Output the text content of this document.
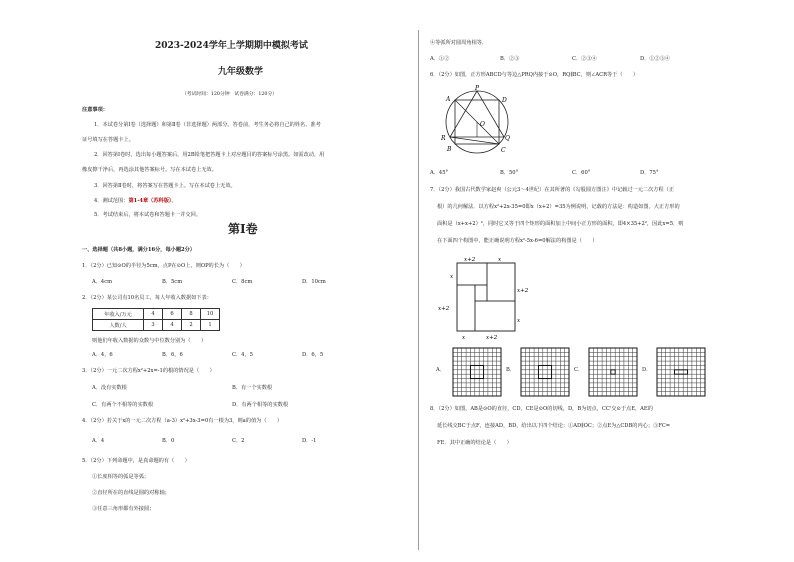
2023-2024学年上学期期中模拟考试
九年级数学
（考试时间：120分钟　试卷满分：120分）
注意事项：
1．本试卷分第Ⅰ卷（选择题）和第Ⅱ卷（非选择题）两部分。答卷前，考生务必将自己的姓名、准考
证号填写在答题卡上。
2．回答第Ⅰ卷时，选出每小题答案后，用2B铅笔把答题卡上对应题目的答案标号涂黑。如需改动，用
橡皮擦干净后，再选涂其他答案标号。写在本试卷上无效。
3．回答第Ⅱ卷时，将答案写在答题卡上。写在本试卷上无效。
4．测试范围：第1-4章（苏科版）。
5．考试结束后，将本试卷和答题卡一并交回。
第Ⅰ卷
一、选择题（共8小题，满分16分，每小题2分）
1．（2分）已知⊙O的半径为5cm，点P在⊙O上，则OP的长为（　　）
A．4cm	B．5cm	C．8cm	D．10cm
2．（2分）某公司有10名员工，每人年收入数据如下表：
年收入/万元	4	6	8	10
人数/人	3	4	2	1
则他们年收入数据的众数与中位数分别为（　　）
A．4，6	B．6，6	C．4，5	D．6，5
3．（2分）一元二次方程x²+2x=-1的根的情况是（　　）
A．没有实数根	B．有一个实数根
C．有两个不相等的实数根	D．有两个相等的实数根
4．（2分）若关于x的一元二次方程（a-3）x²+3x-3=0有一根为3，则a的值为（　　）
A．4	B．0	C．2	D．-1
5．（2分）下列命题中，是真命题的有（　　）
①长度相等的弧是等弧；
②直径所在的直线是圆的对称轴；
③任意三角形都有外接圆；
④等弧所对圆周角相等．
A．①②	B．②③	C．②③④	D．①②③④
6．（2分）如图，正方形ABCD与等边△PRQ内接于⊙O，RQ∥BC，则∠ACR等于（　　）
A
P
D
R
O
B
Q
C
A．45°	B．50°	C．60°	D．75°
7．（2分）我国古代数学家赵爽（公元3～4世纪）在其所著的《勾股圆方图注》中记载过一元二次方程（正
根）的几何解法．以方程x²+2x-35=0即x（x+2）=35为例说明，记载的方法是：构造如图，大正方形的
面积是（x+x+2）²，同时它又等于四个矩形的面积加上中间小正方形的面积，即4×35+2²，因此x=5．则
在下面四个构图中，能正确说明方程x²-5x-6=0解法的构图是（　　）
x
x+2
x+2
x
x+2
x
x	x+2
A．	B．	C．	D．
8．（2分）如图，AB是⊙O的直径，CD，CE是⊙O的切线，D，B为切点，CC'交⊙于点E，AE的
延长线交BC于点F，连接AD，BD，给出以下四个结论：①AD∥OC；②点E为△CDB的内心；③FC=
FE．其中正确的结论是（　　）
